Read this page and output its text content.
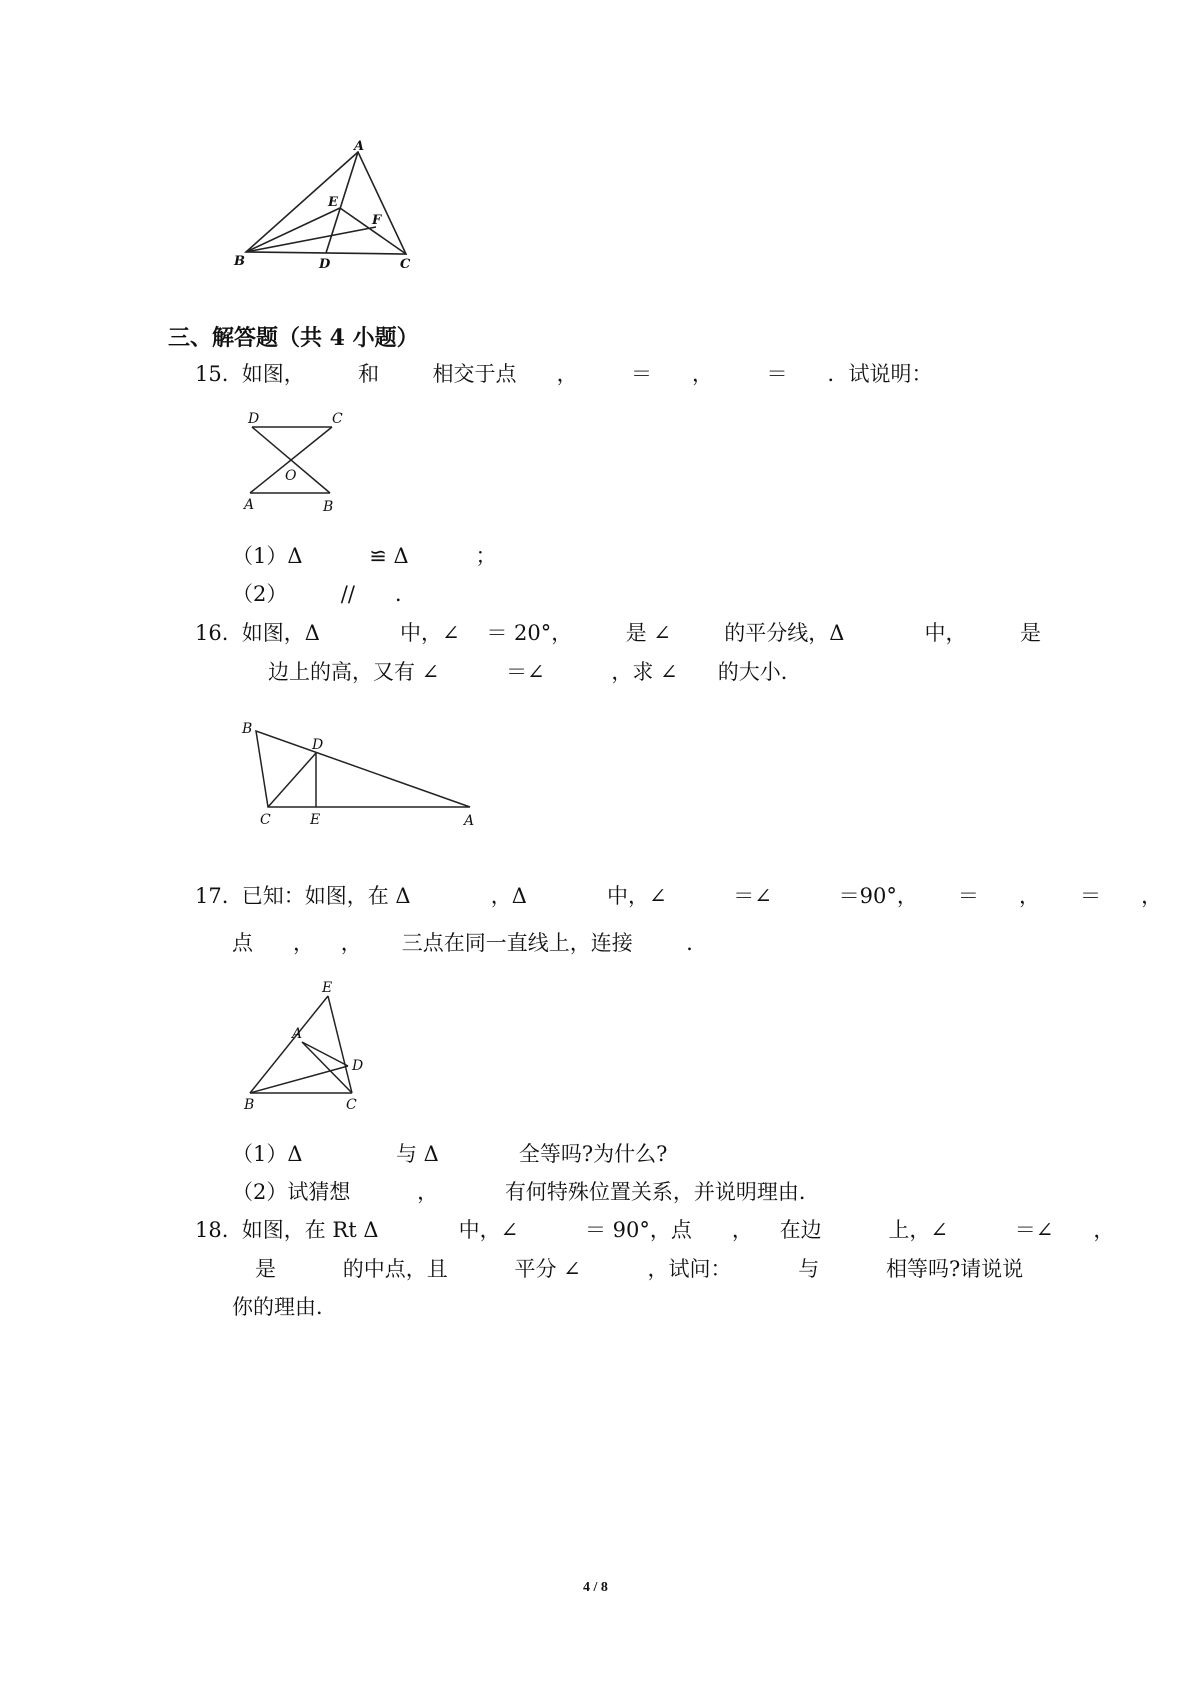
A
E
F
B	D	C
三、解答题（共 4 小题）
15.  如图，        和        相交于点      ，        ＝      ，        ＝      ．试说明：
D	C
O
A	B
（1）Δ          ≌ Δ          ；
（2）        //      ．
16.  如图，Δ            中，∠    ＝ 20°，        是 ∠        的平分线，Δ            中，        是
边上的高，又有 ∠          ＝∠          ，求 ∠      的大小．
B
D
C	E	A
17.  已知：如图，在 Δ            ，Δ            中，∠          ＝∠          ＝90°，      ＝      ，      ＝      ，
点      ，    ，      三点在同一直线上，连接        ．
E
A
D
B	C
（1）Δ              与 Δ            全等吗?为什么?
（2）试猜想          ，          有何特殊位置关系，并说明理由．
18.  如图，在 Rt Δ            中，∠          ＝ 90°，点      ，    在边          上，∠          ＝∠      ，
是          的中点，且          平分 ∠          ，试问：          与          相等吗?请说说
你的理由．
4 / 8
